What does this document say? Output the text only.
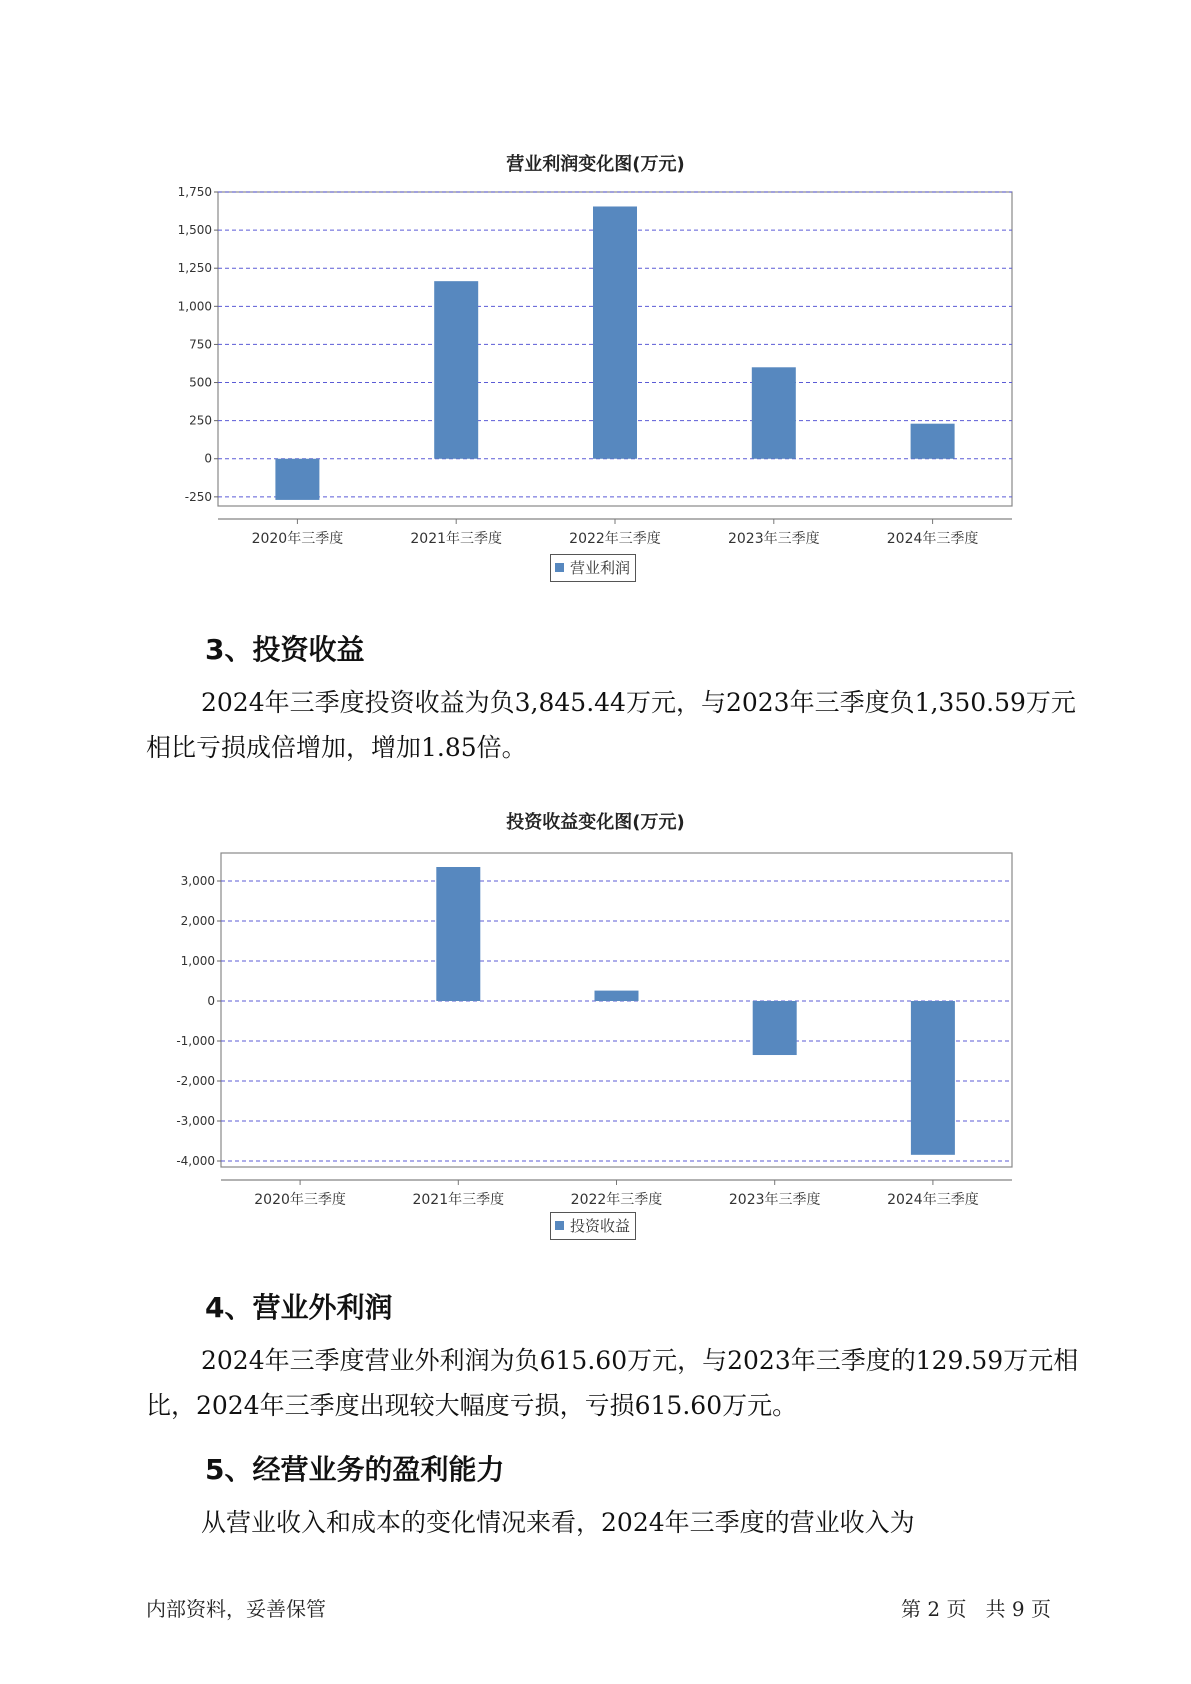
营业利润变化图(万元)
-250
0
250
500
750
1,000
1,250
1,500
1,750
2020年三季度	2021年三季度	2022年三季度	2023年三季度	2024年三季度
营业利润
3、投资收益

2024年三季度投资收益为负3,845.44万元，与2023年三季度负1,350.59万元相比亏损成倍增加，增加1.85倍。

投资收益变化图(万元)
-4,000
-3,000
-2,000
-1,000
0
1,000
2,000
3,000
2020年三季度	2021年三季度	2022年三季度	2023年三季度	2024年三季度
投资收益
4、营业外利润

2024年三季度营业外利润为负615.60万元，与2023年三季度的129.59万元相比，2024年三季度出现较大幅度亏损，亏损615.60万元。

5、经营业务的盈利能力

从营业收入和成本的变化情况来看，2024年三季度的营业收入为

内部资料，妥善保管	第 2 页   共 9 页
